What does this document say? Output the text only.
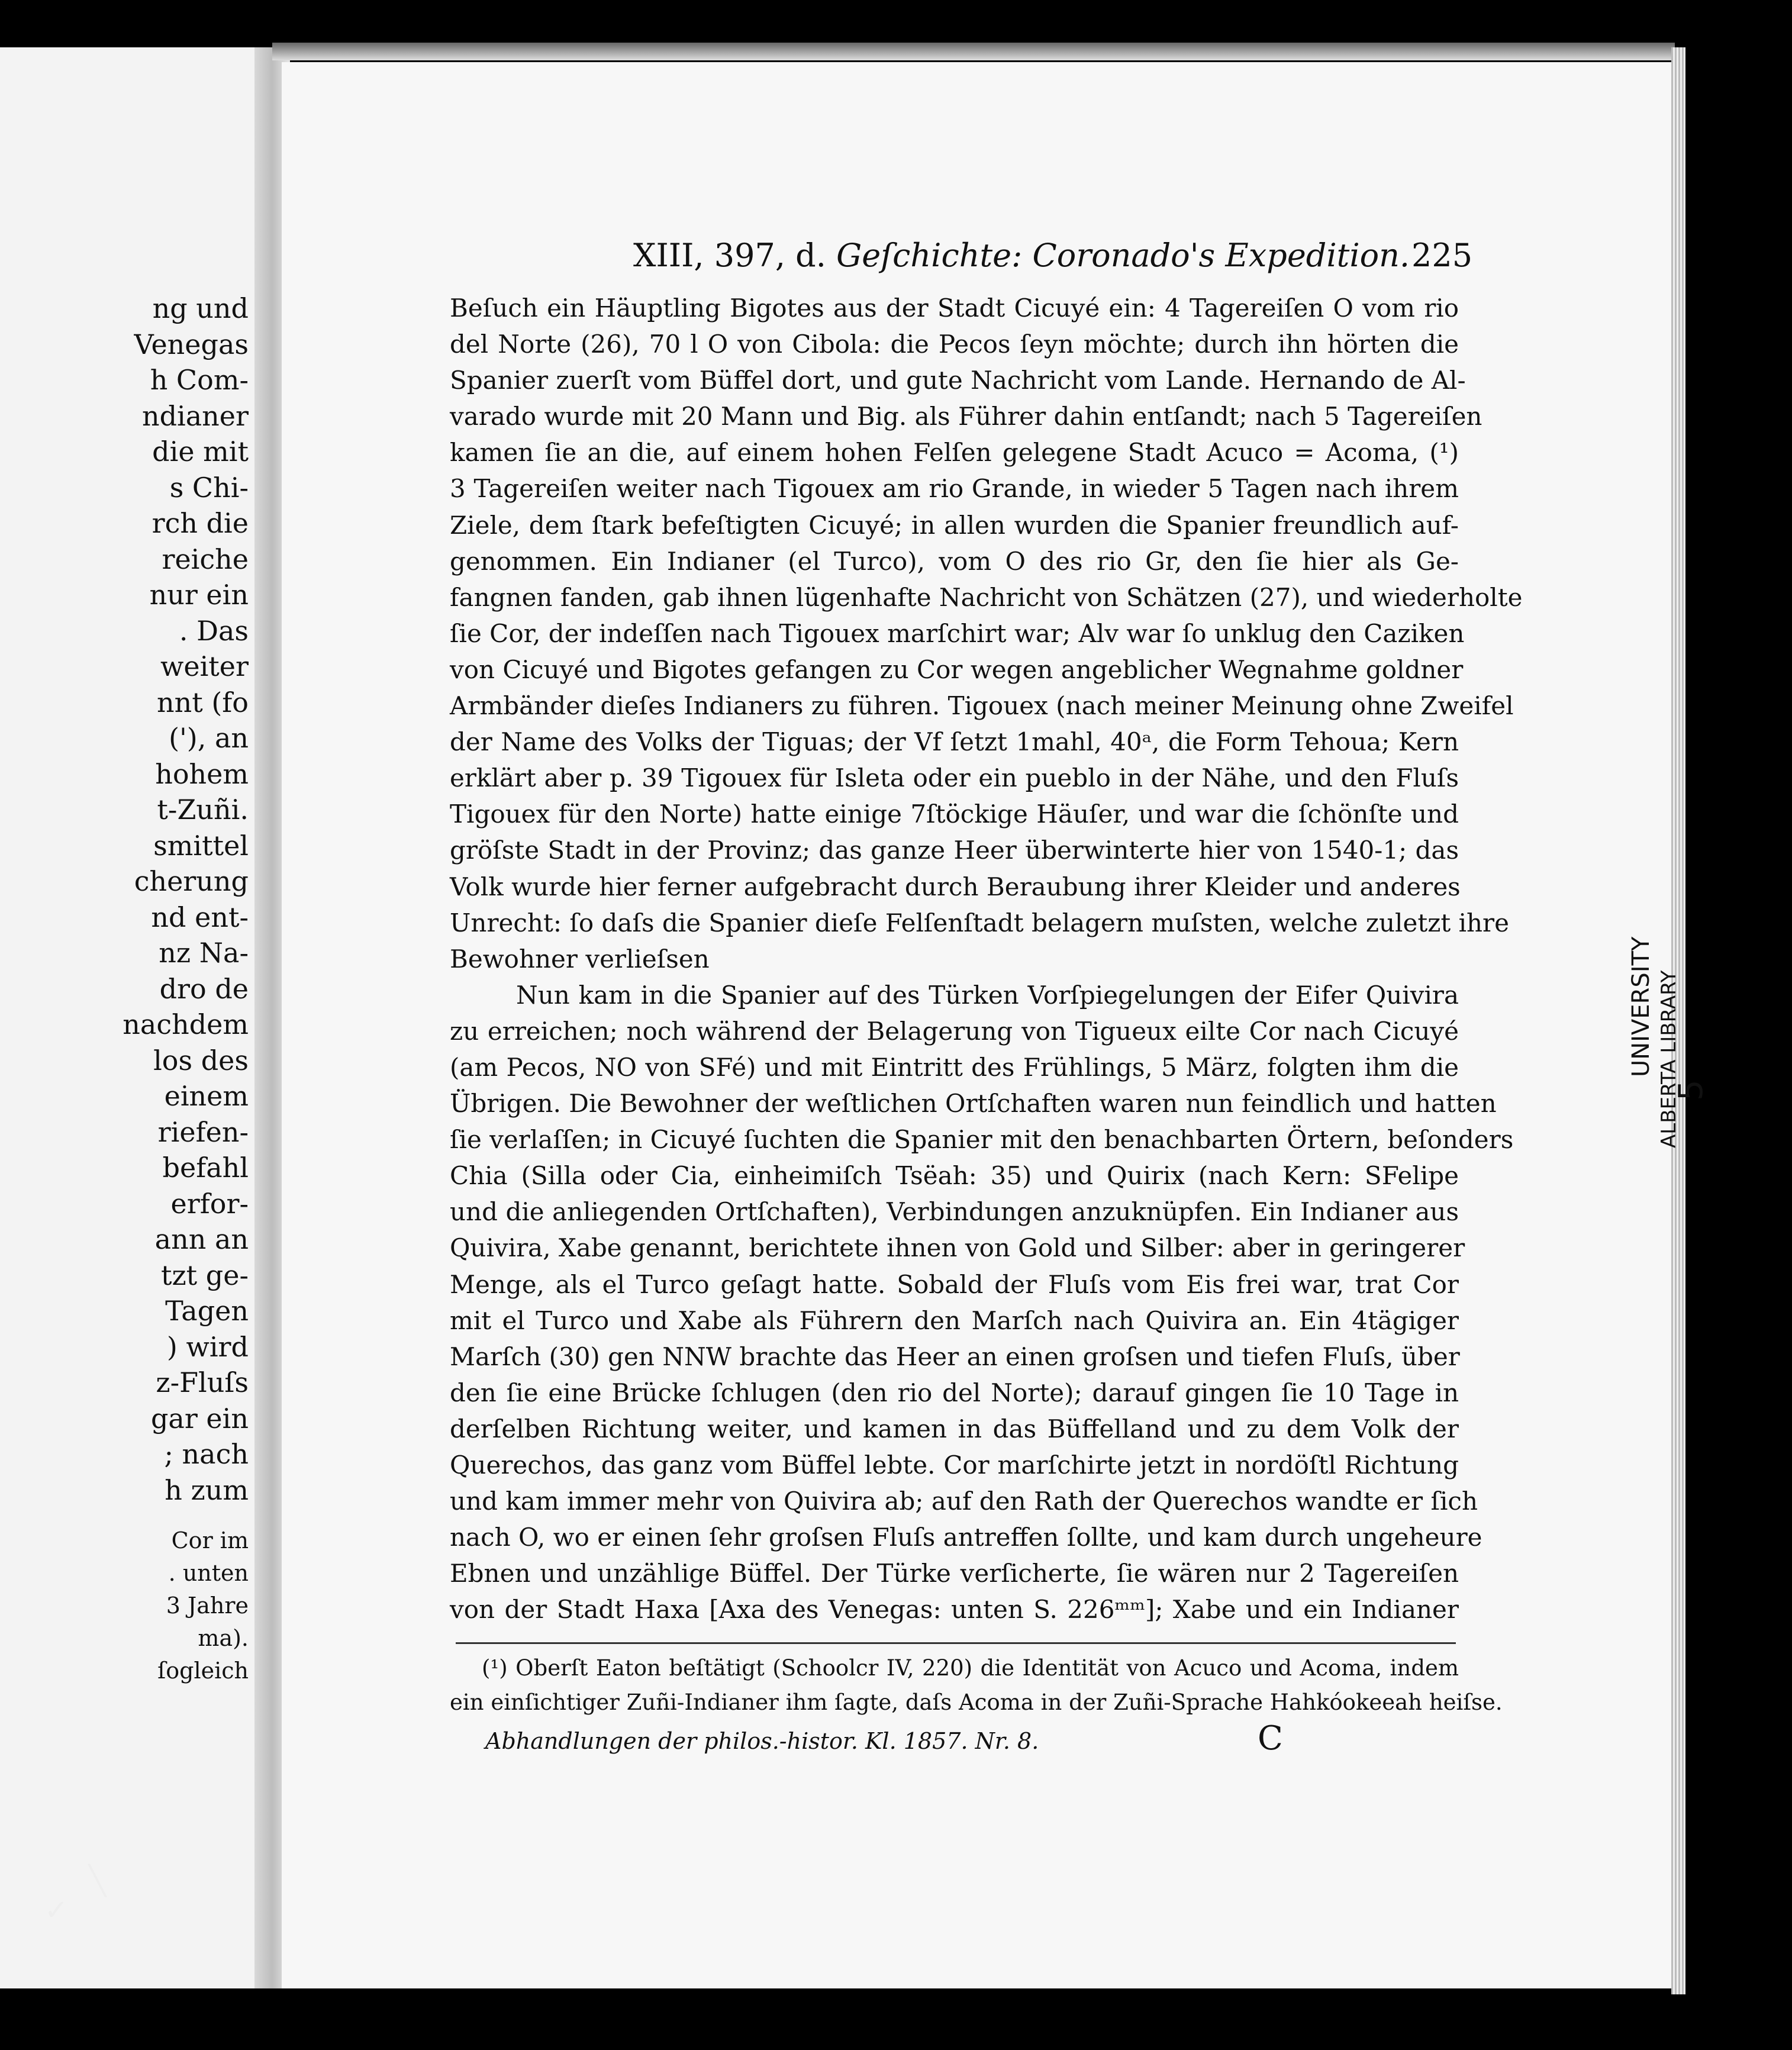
ng und
Venegas
h Com-
ndianer
die mit
s Chi-
rch die
reiche
nur ein
. Das
weiter
nnt (fo
('), an
hohem
t-Zuñi.
smittel
cherung
nd ent-
nz Na-
dro de
nachdem
los des
einem
riefen-
befahl
erfor-
ann an
tzt ge-
Tagen
) wird
z-Fluſs
gar ein
; nach
h zum
Cor im
. unten
3 Jahre
ma).
ſogleich
XIII, 397, d. Geſchichte: Coronado's Expedition. 225
Beſuch ein Häuptling Bigotes aus der Stadt Cicuyé ein: 4 Tagereiſen O vom rio
del Norte (26), 70 l O von Cibola: die Pecos ſeyn möchte; durch ihn hörten die
Spanier zuerſt vom Büffel dort, und gute Nachricht vom Lande. Hernando de Al-
varado wurde mit 20 Mann und Big. als Führer dahin entſandt; nach 5 Tagereiſen
kamen ſie an die, auf einem hohen Felſen gelegene Stadt Acuco = Acoma, (¹)
3 Tagereiſen weiter nach Tigouex am rio Grande, in wieder 5 Tagen nach ihrem
Ziele, dem ſtark befeſtigten Cicuyé; in allen wurden die Spanier freundlich auf-
genommen. Ein Indianer (el Turco), vom O des rio Gr, den ſie hier als Ge-
fangnen fanden, gab ihnen lügenhafte Nachricht von Schätzen (27), und wiederholte
ſie Cor, der indeſſen nach Tigouex marſchirt war; Alv war ſo unklug den Caziken
von Cicuyé und Bigotes gefangen zu Cor wegen angeblicher Wegnahme goldner
Armbänder dieſes Indianers zu führen. Tigouex (nach meiner Meinung ohne Zweifel
der Name des Volks der Tiguas; der Vf ſetzt 1mahl, 40ᵃ, die Form Tehoua; Kern
erklärt aber p. 39 Tigouex für Isleta oder ein pueblo in der Nähe, und den Fluſs
Tigouex für den Norte) hatte einige 7ſtöckige Häuſer, und war die ſchönſte und
gröſste Stadt in der Provinz; das ganze Heer überwinterte hier von 1540-1; das
Volk wurde hier ferner aufgebracht durch Beraubung ihrer Kleider und anderes
Unrecht: ſo daſs die Spanier dieſe Felſenſtadt belagern muſsten, welche zuletzt ihre
Bewohner verlieſsen
Nun kam in die Spanier auf des Türken Vorſpiegelungen der Eifer Quivira
zu erreichen; noch während der Belagerung von Tigueux eilte Cor nach Cicuyé
(am Pecos, NO von SFé) und mit Eintritt des Frühlings, 5 März, folgten ihm die
Übrigen. Die Bewohner der weſtlichen Ortſchaften waren nun feindlich und hatten
ſie verlaſſen; in Cicuyé ſuchten die Spanier mit den benachbarten Örtern, beſonders
Chia (Silla oder Cia, einheimiſch Tsëah: 35) und Quirix (nach Kern: SFelipe
und die anliegenden Ortſchaften), Verbindungen anzuknüpfen. Ein Indianer aus
Quivira, Xabe genannt, berichtete ihnen von Gold und Silber: aber in geringerer
Menge, als el Turco geſagt hatte. Sobald der Fluſs vom Eis frei war, trat Cor
mit el Turco und Xabe als Führern den Marſch nach Quivira an. Ein 4tägiger
Marſch (30) gen NNW brachte das Heer an einen groſsen und tiefen Fluſs, über
den ſie eine Brücke ſchlugen (den rio del Norte); darauf gingen ſie 10 Tage in
derſelben Richtung weiter, und kamen in das Büffelland und zu dem Volk der
Querechos, das ganz vom Büffel lebte. Cor marſchirte jetzt in nordöſtl Richtung
und kam immer mehr von Quivira ab; auf den Rath der Querechos wandte er ſich
nach O, wo er einen ſehr groſsen Fluſs antreffen ſollte, und kam durch ungeheure
Ebnen und unzählige Büffel. Der Türke verſicherte, ſie wären nur 2 Tagereiſen
von der Stadt Haxa [Axa des Venegas: unten S. 226ᵐᵐ]; Xabe und ein Indianer
(¹) Oberſt Eaton beſtätigt (Schoolcr IV, 220) die Identität von Acuco und Acoma, indem
ein einſichtiger Zuñi-Indianer ihm ſagte, daſs Acoma in der Zuñi-Sprache Hahkóokeeah heiſse.
Abhandlungen der philos.-histor. Kl. 1857. Nr. 8.	C
UNIVERSITY ALBERTA LIBRARY
5
✓
╲
